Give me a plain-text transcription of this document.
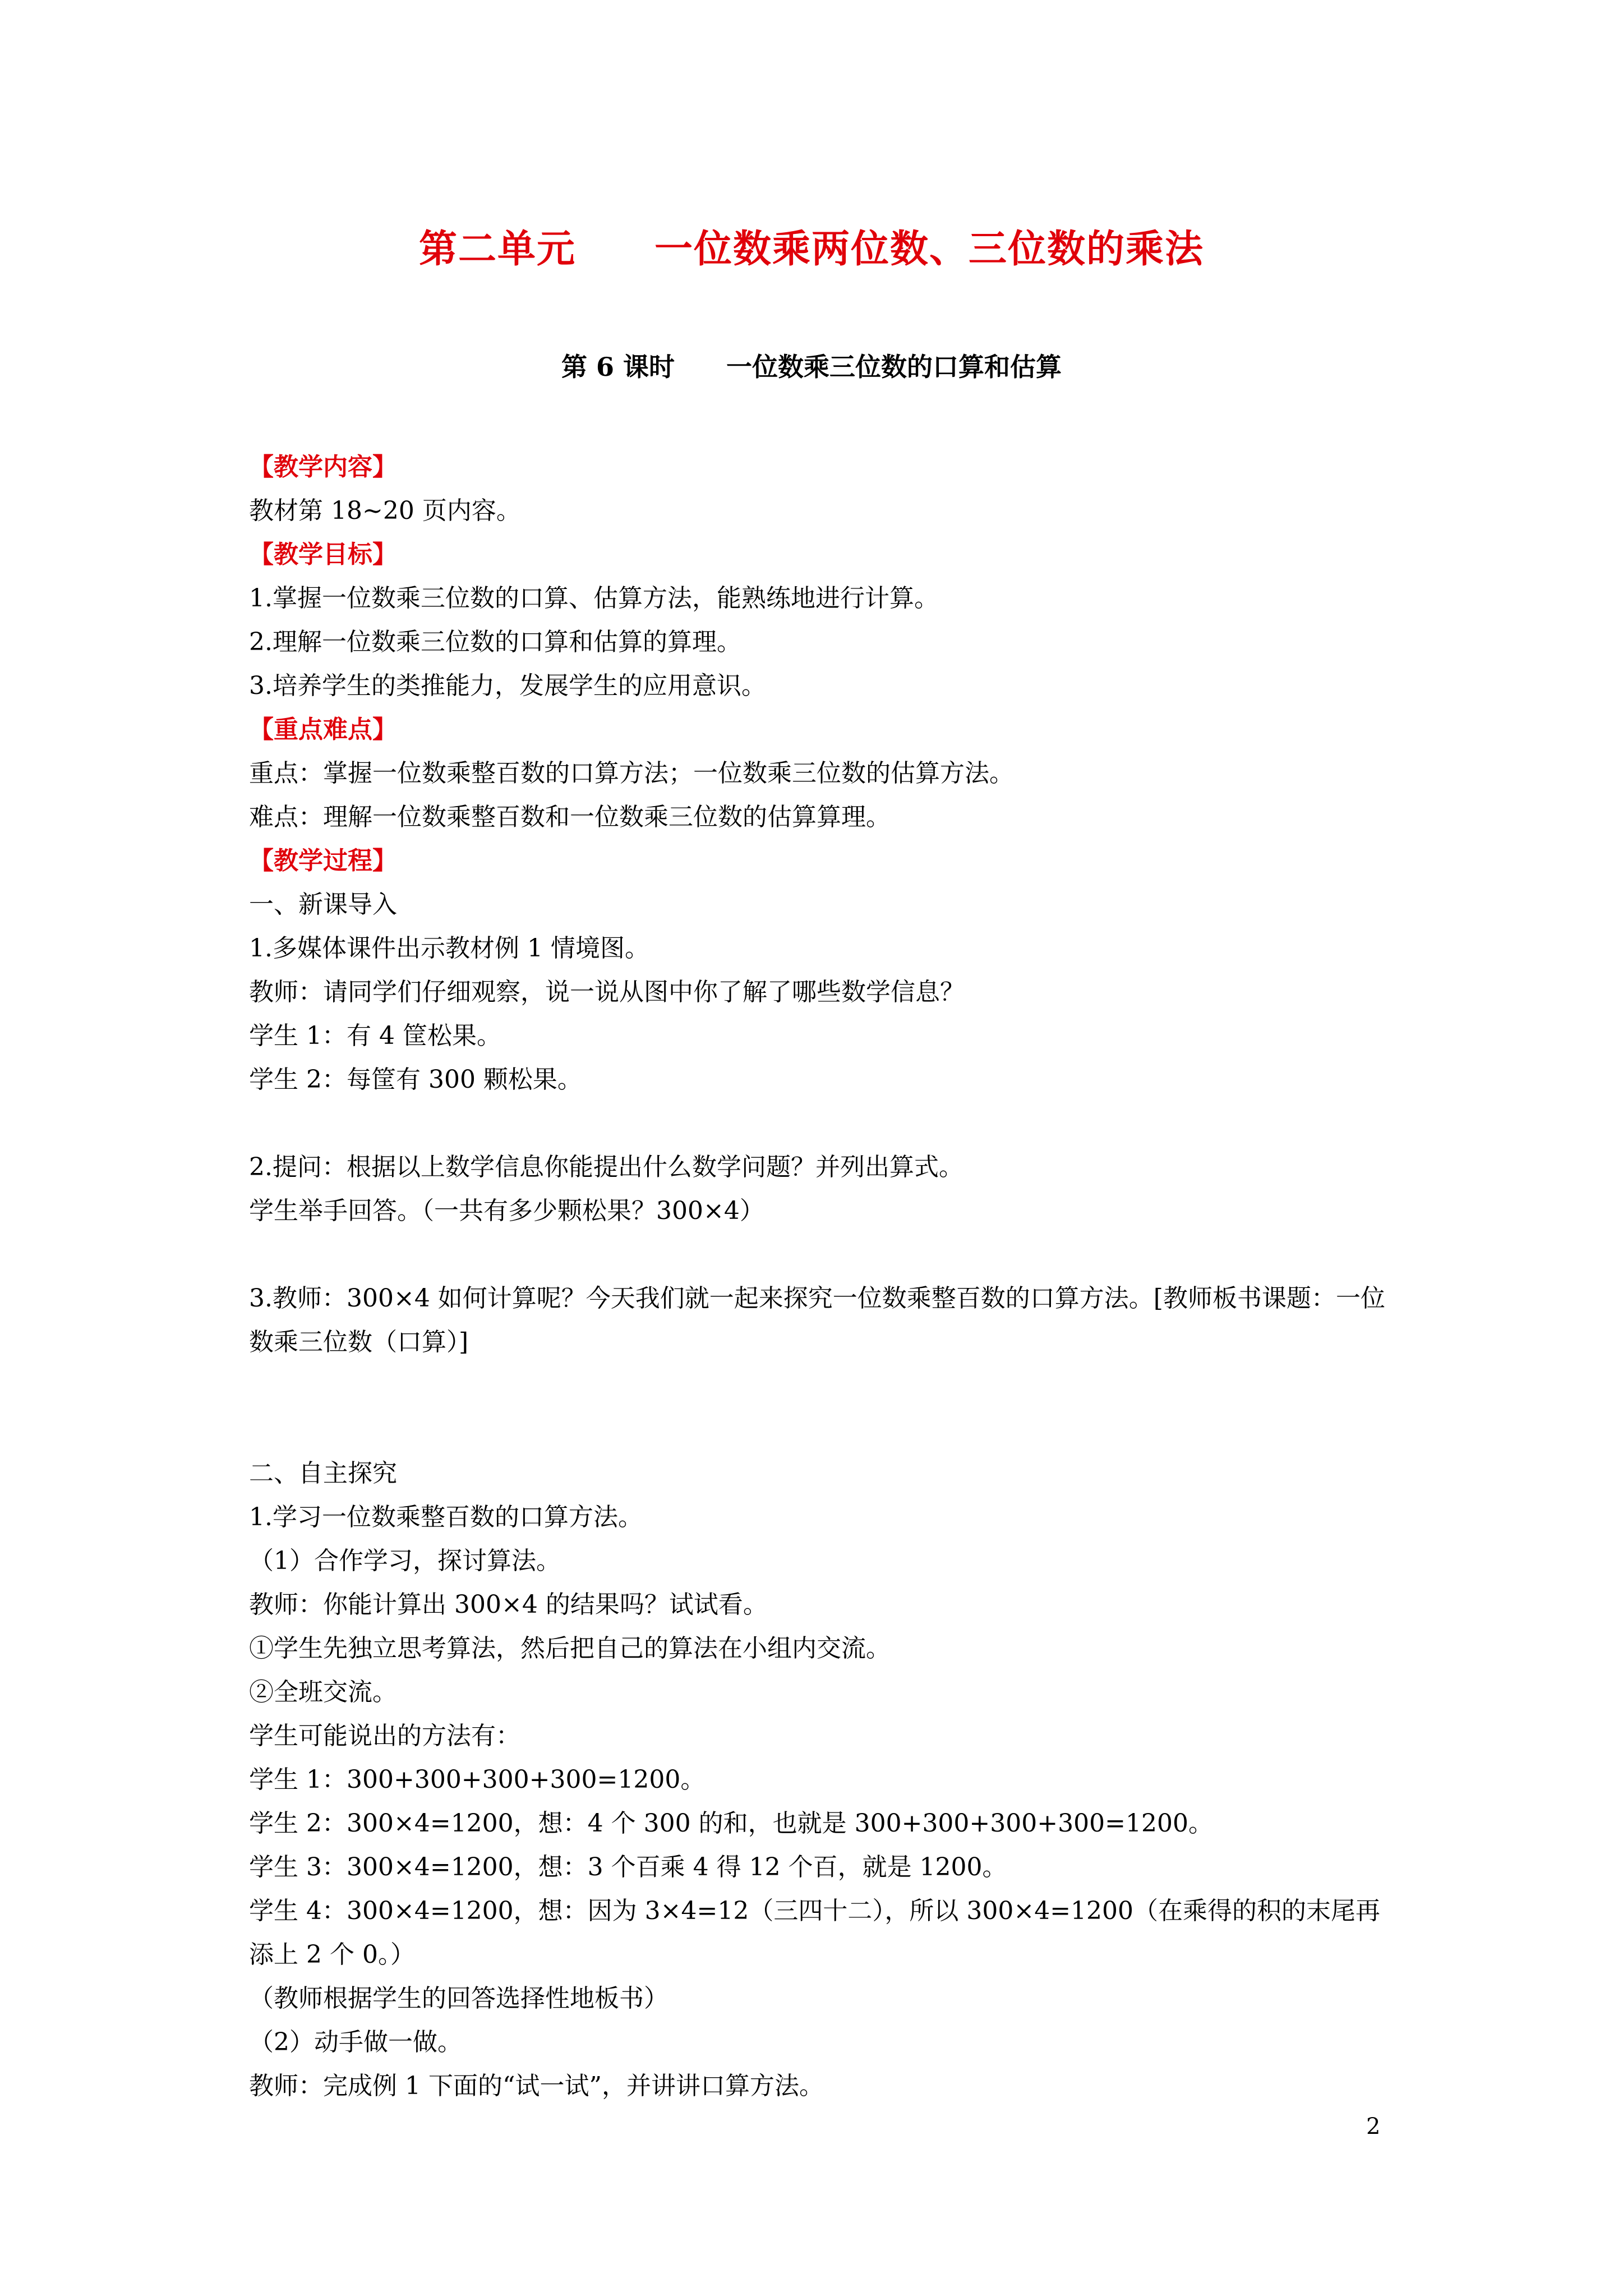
第二单元　　一位数乘两位数、三位数的乘法
第 6 课时　　一位数乘三位数的口算和估算
【教学内容】
教材第 18~20 页内容。
【教学目标】
1.掌握一位数乘三位数的口算、估算方法，能熟练地进行计算。
2.理解一位数乘三位数的口算和估算的算理。
3.培养学生的类推能力，发展学生的应用意识。
【重点难点】
重点：掌握一位数乘整百数的口算方法；一位数乘三位数的估算方法。
难点：理解一位数乘整百数和一位数乘三位数的估算算理。
【教学过程】
一、新课导入
1.多媒体课件出示教材例 1 情境图。
教师：请同学们仔细观察，说一说从图中你了解了哪些数学信息？
学生 1：有 4 筐松果。
学生 2：每筐有 300 颗松果。
2.提问：根据以上数学信息你能提出什么数学问题？并列出算式。
学生举手回答。（一共有多少颗松果？300×4）
3.教师：300×4 如何计算呢？今天我们就一起来探究一位数乘整百数的口算方法。[教师板书课题：一位数乘三位数（口算）]
二、自主探究
1.学习一位数乘整百数的口算方法。
（1）合作学习，探讨算法。
教师：你能计算出 300×4 的结果吗？试试看。
①学生先独立思考算法，然后把自己的算法在小组内交流。
②全班交流。
学生可能说出的方法有：
学生 1：300+300+300+300=1200。
学生 2：300×4=1200，想：4 个 300 的和，也就是 300+300+300+300=1200。
学生 3：300×4=1200，想：3 个百乘 4 得 12 个百，就是 1200。
学生 4：300×4=1200，想：因为 3×4=12（三四十二），所以 300×4=1200（在乘得的积的末尾再添上 2 个 0。）
（教师根据学生的回答选择性地板书）
（2）动手做一做。
教师：完成例 1 下面的“试一试”，并讲讲口算方法。
2
